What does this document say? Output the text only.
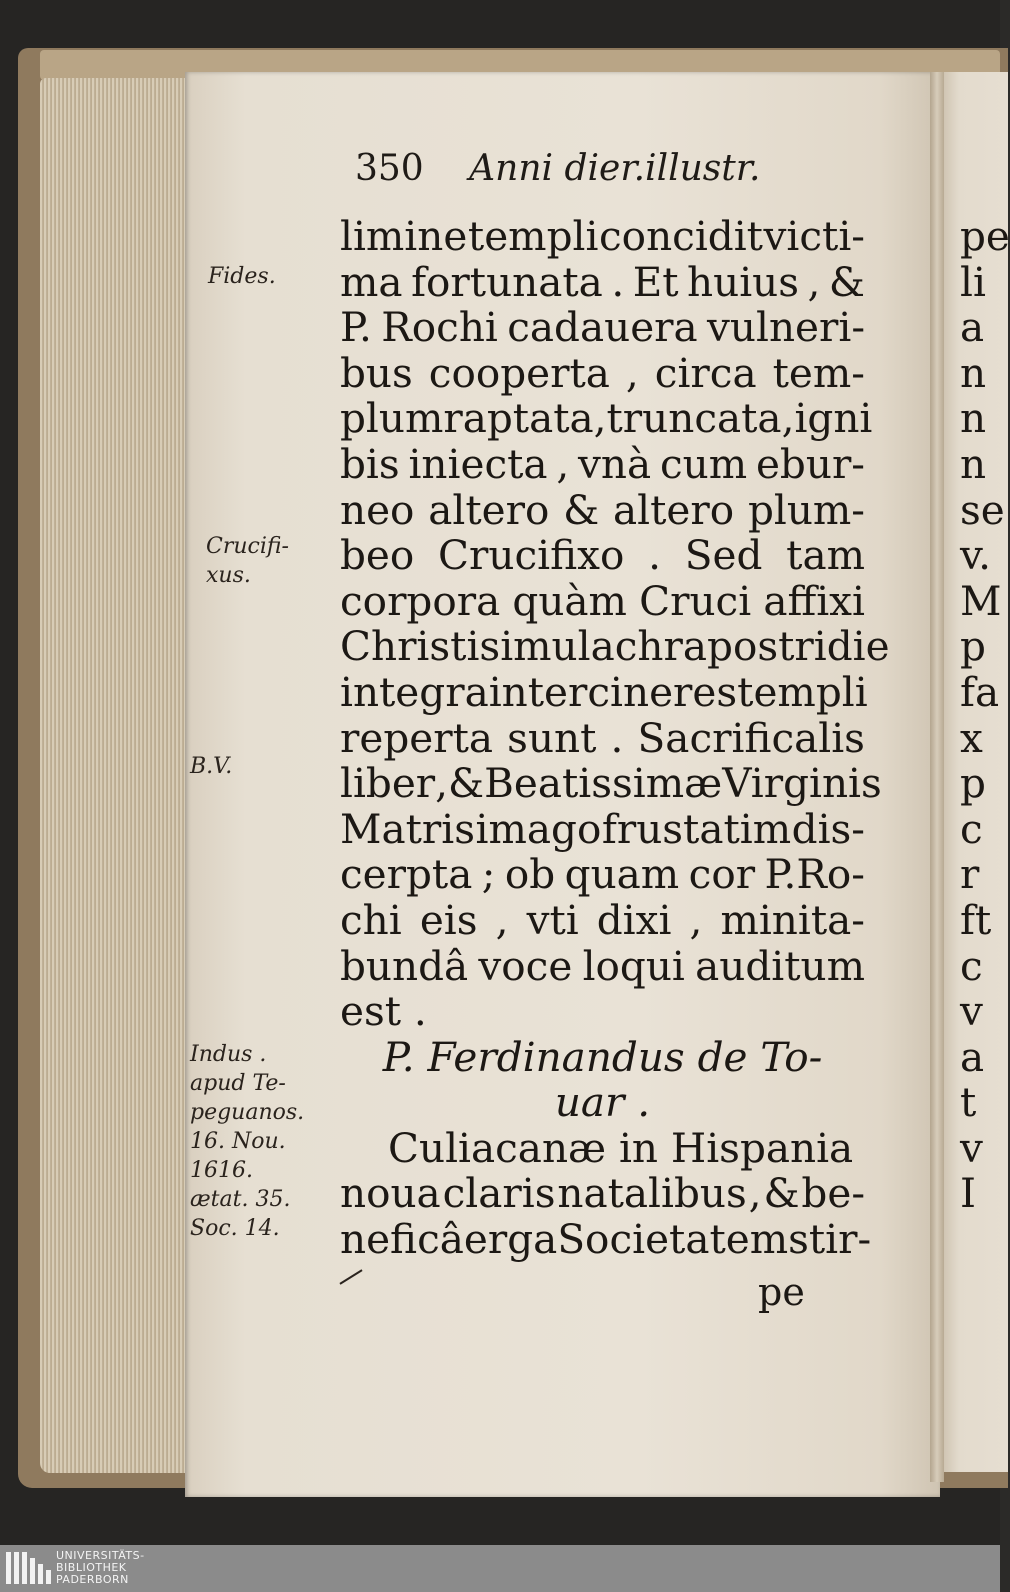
350 Anni dier.illustr.
limine templi concidit victi-
ma fortunata . Et huius , &
P. Rochi cadauera vulneri-
bus cooperta , circa tem-
plum raptata, truncata, igni
bis iniecta , vnà cum ebur-
neo altero & altero plum-
beo Crucifixo . Sed tam
corpora quàm Cruci affixi
Christi simulachra postridie
integra inter cineres templi
reperta sunt . Sacrificalis
liber , & Beatissimæ Virginis
Matris imago frustatim dis-
cerpta ; ob quam cor P.Ro-
chi eis , vti dixi , minita-
bundâ voce loqui auditum
est .
P. Ferdinandus de To-
uar .
Culiacanæ in Hispania
noua claris natalibus , & be-
neficâ erga Societatem stir-
pe
Fides.
Crucifi-
xus.
B.V.
Indus .
apud Te-
peguanos.
16. Nou.
1616.
ætat. 35.
Soc. 14.
pe
li
a
n
n
n
se
v.
M
p
fa
x
p
c
r
ft
c
v
a
t
v
I
UNIVERSITÄTS-
BIBLIOTHEK
PADERBORN
